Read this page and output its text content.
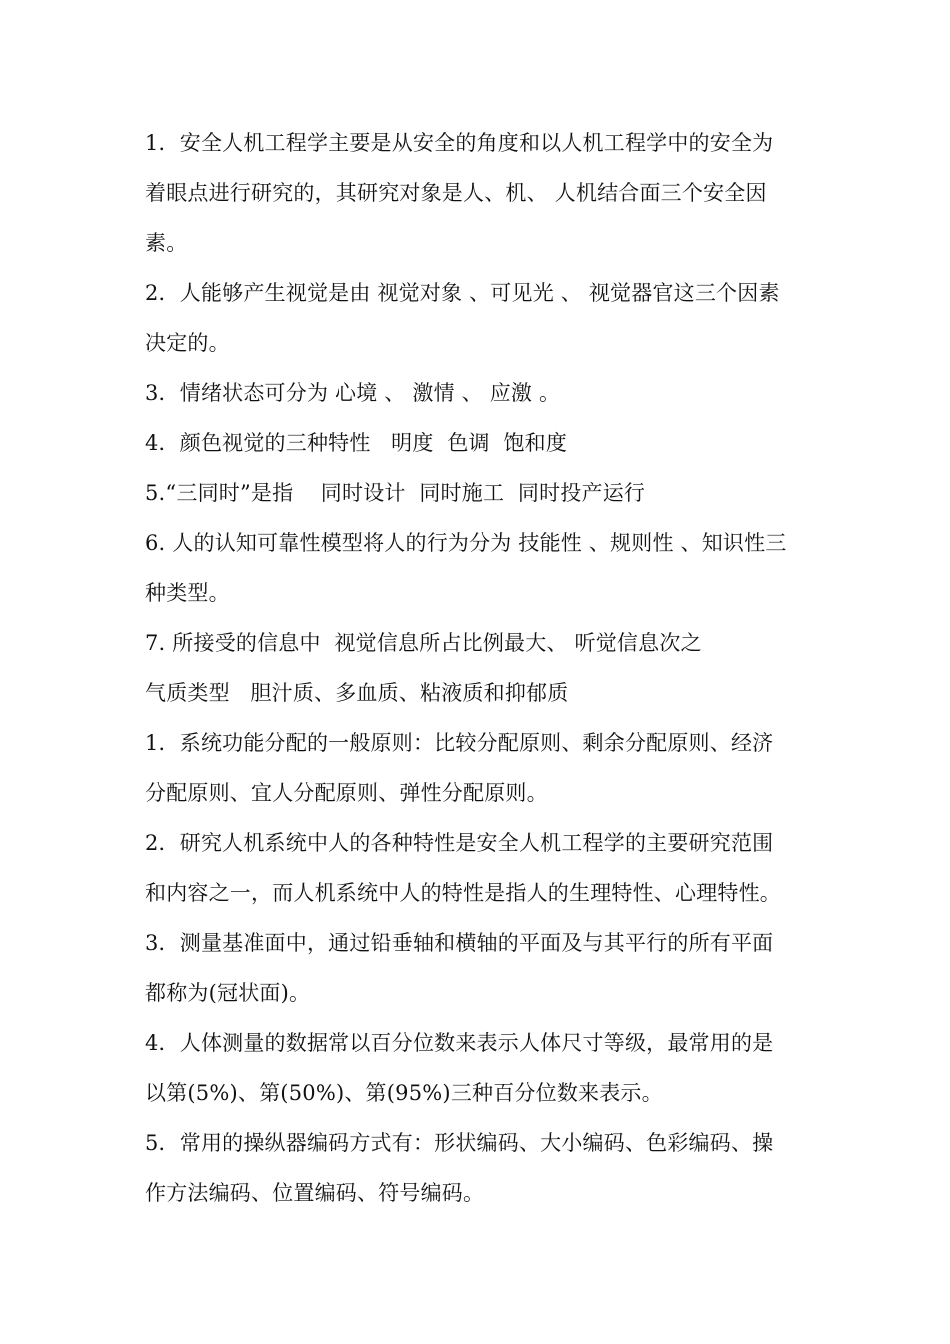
1．安全人机工程学主要是从安全的角度和以人机工程学中的安全为
着眼点进行研究的，其研究对象是人、机、 人机结合面三个安全因
素。
2．人能够产生视觉是由 视觉对象 、可见光 、 视觉器官这三个因素
决定的。
3．情绪状态可分为 心境 、 激情 、 应激 。
4．颜色视觉的三种特性   明度  色调  饱和度
5.“三同时”是指    同时设计  同时施工  同时投产运行
6. 人的认知可靠性模型将人的行为分为 技能性 、规则性 、知识性三
种类型。
7. 所接受的信息中  视觉信息所占比例最大、 听觉信息次之
气质类型   胆汁质、多血质、粘液质和抑郁质
1．系统功能分配的一般原则：比较分配原则、剩余分配原则、经济
分配原则、宜人分配原则、弹性分配原则。
2．研究人机系统中人的各种特性是安全人机工程学的主要研究范围
和内容之一，而人机系统中人的特性是指人的生理特性、心理特性。
3．测量基准面中，通过铅垂轴和横轴的平面及与其平行的所有平面
都称为(冠状面)。
4．人体测量的数据常以百分位数来表示人体尺寸等级，最常用的是
以第(5%)、第(50%)、第(95%)三种百分位数来表示。
5．常用的操纵器编码方式有：形状编码、大小编码、色彩编码、操
作方法编码、位置编码、符号编码。
